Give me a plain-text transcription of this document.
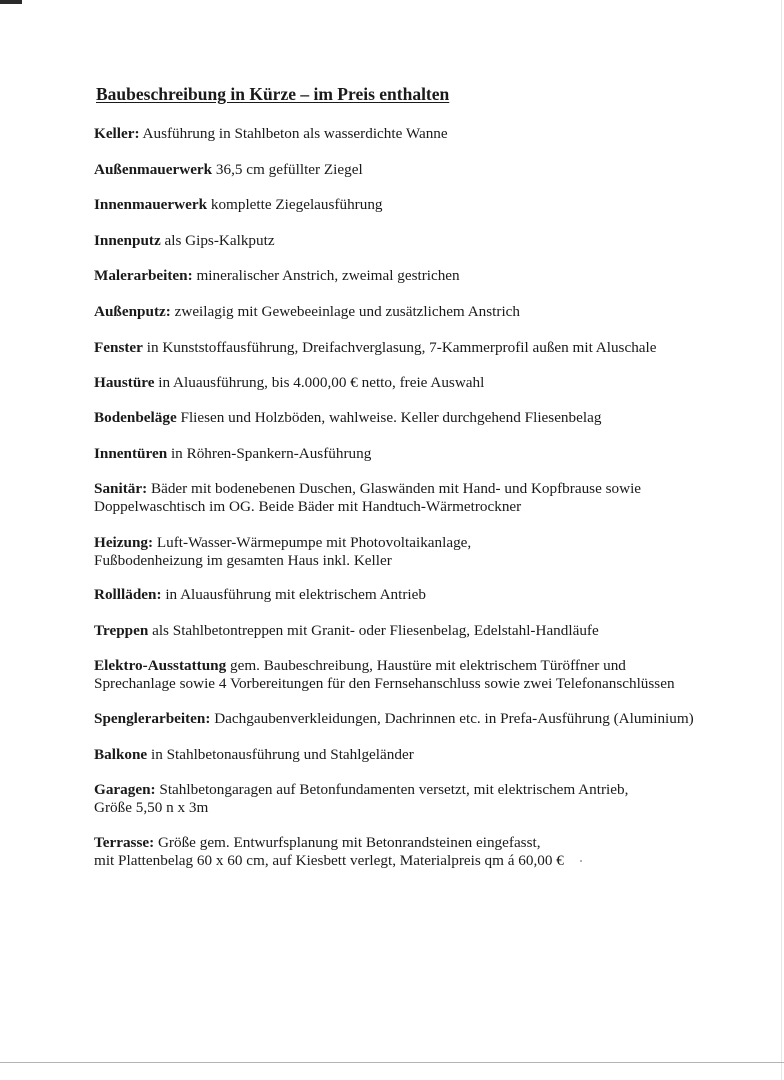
Baubeschreibung in Kürze – im Preis enthalten
Keller: Ausführung in Stahlbeton als wasserdichte Wanne
Außenmauerwerk 36,5 cm gefüllter Ziegel
Innenmauerwerk komplette Ziegelausführung
Innenputz als Gips-Kalkputz
Malerarbeiten: mineralischer Anstrich, zweimal gestrichen
Außenputz: zweilagig mit Gewebeeinlage und zusätzlichem Anstrich
Fenster in Kunststoffausführung, Dreifachverglasung, 7-Kammerprofil außen mit Aluschale
Haustüre in Aluausführung, bis 4.000,00 € netto, freie Auswahl
Bodenbeläge Fliesen und Holzböden, wahlweise. Keller durchgehend Fliesenbelag
Innentüren in Röhren-Spankern-Ausführung
Sanitär: Bäder mit bodenebenen Duschen, Glaswänden mit Hand- und Kopfbrause sowie
Doppelwaschtisch im OG. Beide Bäder mit Handtuch-Wärmetrockner
Heizung: Luft-Wasser-Wärmepumpe mit Photovoltaikanlage,
Fußbodenheizung im gesamten Haus inkl. Keller
Rollläden: in Aluausführung mit elektrischem Antrieb
Treppen als Stahlbetontreppen mit Granit- oder Fliesenbelag, Edelstahl-Handläufe
Elektro-Ausstattung gem. Baubeschreibung, Haustüre mit elektrischem Türöffner und
Sprechanlage sowie 4 Vorbereitungen für den Fernsehanschluss sowie zwei Telefonanschlüssen
Spenglerarbeiten: Dachgaubenverkleidungen, Dachrinnen etc. in Prefa-Ausführung (Aluminium)
Balkone in Stahlbetonausführung und Stahlgeländer
Garagen: Stahlbetongaragen auf Betonfundamenten versetzt, mit elektrischem Antrieb,
Größe 5,50 n x 3m
Terrasse: Größe gem. Entwurfsplanung mit Betonrandsteinen eingefasst,
mit Plattenbelag 60 x 60 cm, auf Kiesbett verlegt, Materialpreis qm á 60,00 €
